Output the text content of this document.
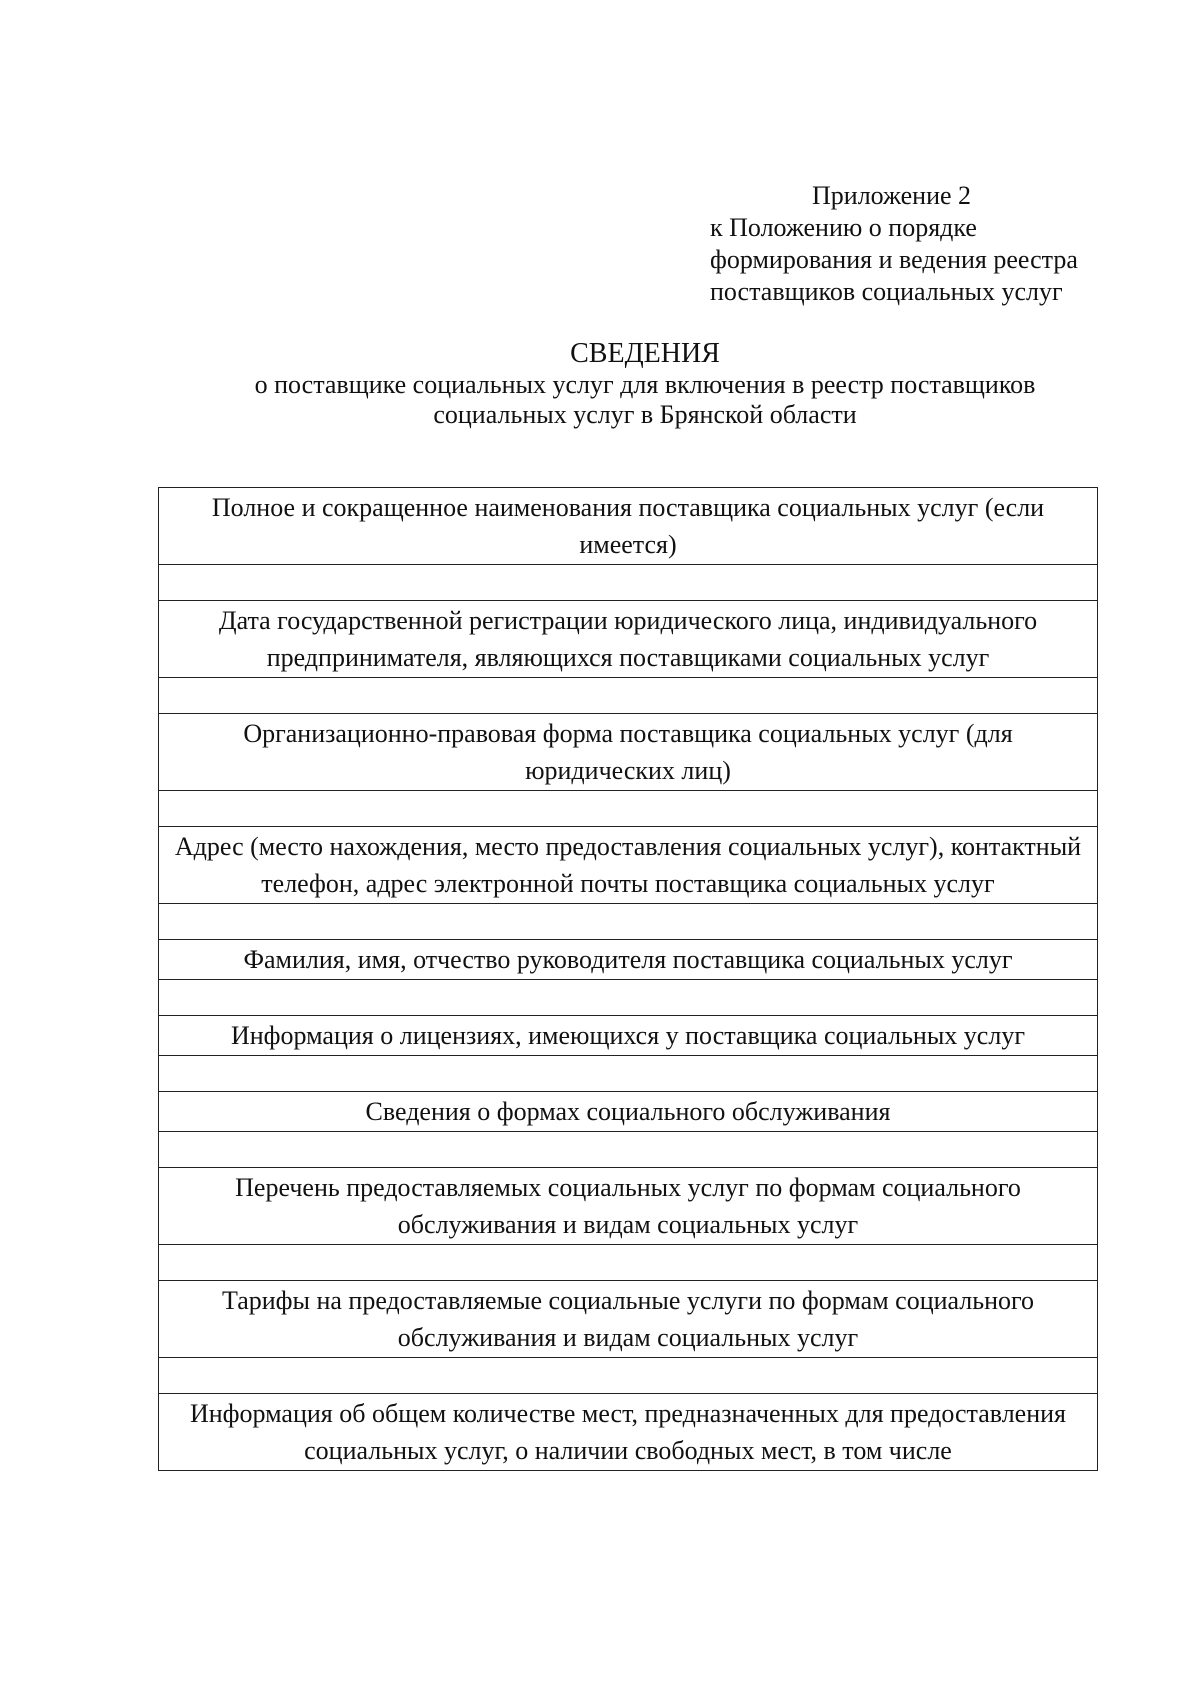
Приложение 2
к Положению о порядке
формирования и ведения реестра
поставщиков социальных услуг
СВЕДЕНИЯ
о поставщике социальных услуг для включения в реестр поставщиков
социальных услуг в Брянской области
Полное и сокращенное наименования поставщика социальных услуг (если имеется)

Дата государственной регистрации юридического лица, индивидуального предпринимателя, являющихся поставщиками социальных услуг

Организационно-правовая форма поставщика социальных услуг (для юридических лиц)

Адрес (место нахождения, место предоставления социальных услуг), контактный телефон, адрес электронной почты поставщика социальных услуг

Фамилия, имя, отчество руководителя поставщика социальных услуг

Информация о лицензиях, имеющихся у поставщика социальных услуг

Сведения о формах социального обслуживания

Перечень предоставляемых социальных услуг по формам социального обслуживания и видам социальных услуг

Тарифы на предоставляемые социальные услуги по формам социального обслуживания и видам социальных услуг

Информация об общем количестве мест, предназначенных для предоставления социальных услуг, о наличии свободных мест, в том числе
